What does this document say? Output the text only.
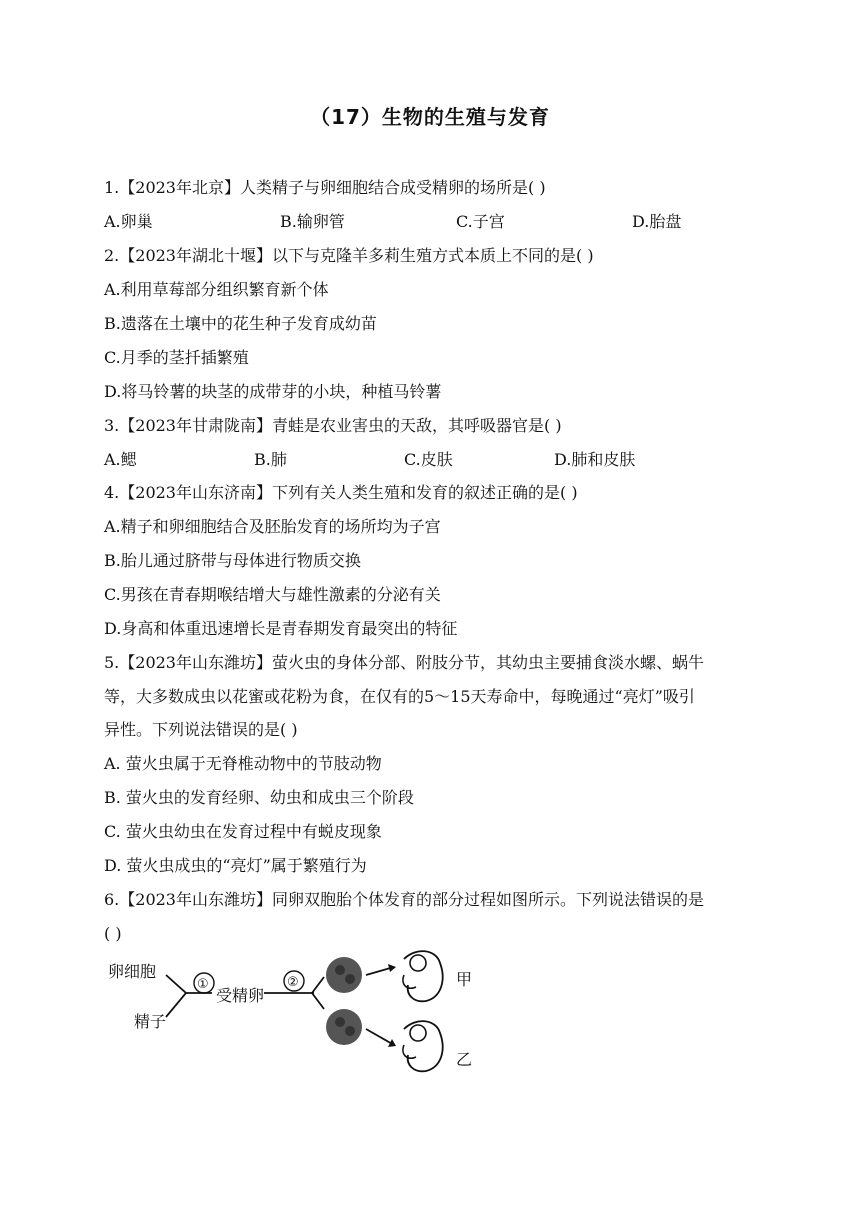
（17）生物的生殖与发育
1.【2023年北京】人类精子与卵细胞结合成受精卵的场所是( )
A.卵巢	B.输卵管	C.子宫	D.胎盘
2.【2023年湖北十堰】以下与克隆羊多莉生殖方式本质上不同的是( )
A.利用草莓部分组织繁育新个体
B.遗落在土壤中的花生种子发育成幼苗
C.月季的茎扦插繁殖
D.将马铃薯的块茎的成带芽的小块，种植马铃薯
3.【2023年甘肃陇南】青蛙是农业害虫的天敌，其呼吸器官是( )
A.鳃	B.肺	C.皮肤	D.肺和皮肤
4.【2023年山东济南】下列有关人类生殖和发育的叙述正确的是( )
A.精子和卵细胞结合及胚胎发育的场所均为子宫
B.胎儿通过脐带与母体进行物质交换
C.男孩在青春期喉结增大与雄性激素的分泌有关
D.身高和体重迅速增长是青春期发育最突出的特征
5.【2023年山东潍坊】萤火虫的身体分部、附肢分节，其幼虫主要捕食淡水螺、蜗牛
等，大多数成虫以花蜜或花粉为食，在仅有的5～15天寿命中，每晚通过“亮灯”吸引
异性。下列说法错误的是( )
A. 萤火虫属于无脊椎动物中的节肢动物
B. 萤火虫的发育经卵、幼虫和成虫三个阶段
C. 萤火虫幼虫在发育过程中有蜕皮现象
D. 萤火虫成虫的“亮灯”属于繁殖行为
6.【2023年山东潍坊】同卵双胞胎个体发育的部分过程如图所示。下列说法错误的是
( )
卵细胞
精子
①
受精卵
②	甲
乙
